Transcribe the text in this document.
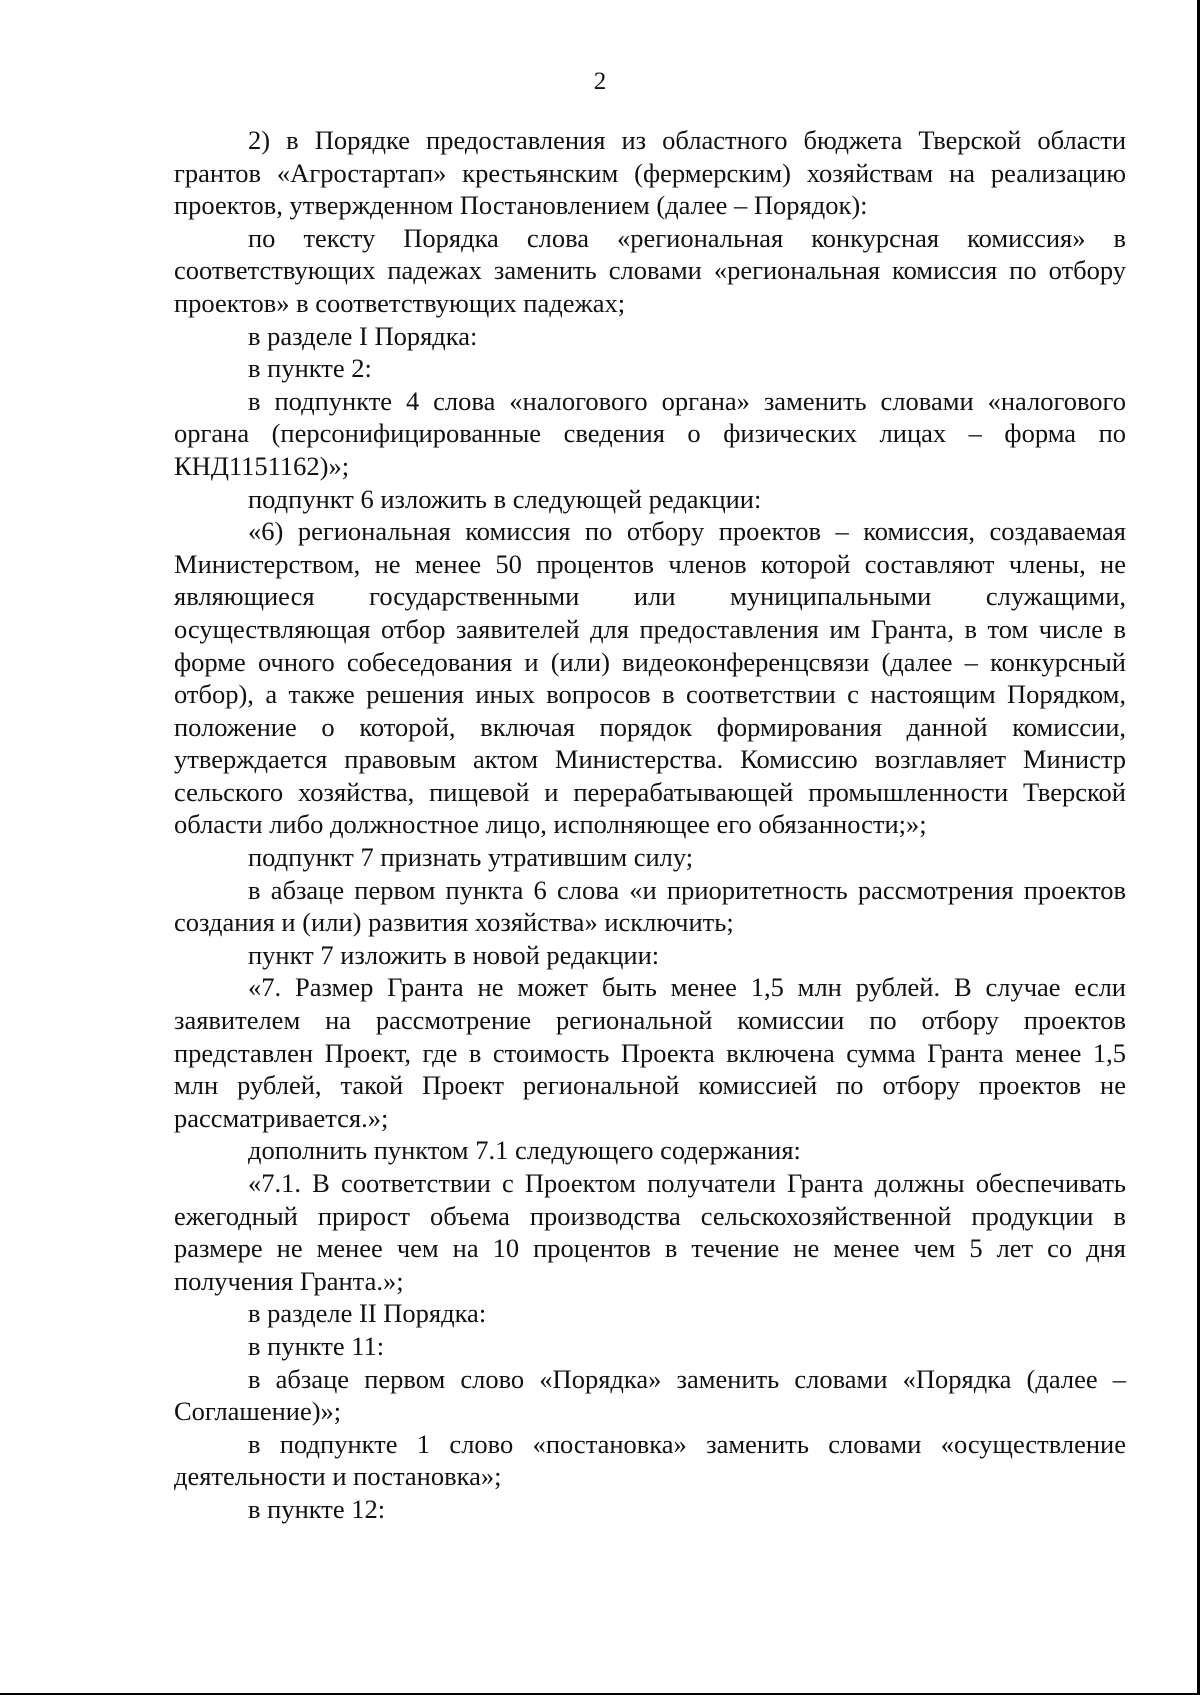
2

2) в Порядке предоставления из областного бюджета Тверской области грантов «Агростартап» крестьянским (фермерским) хозяйствам на реализацию проектов, утвержденном Постановлением (далее – Порядок):

по тексту Порядка слова «региональная конкурсная комиссия» в соответствующих падежах заменить словами «региональная комиссия по отбору проектов» в соответствующих падежах;

в разделе I Порядка:

в пункте 2:

в подпункте 4 слова «налогового органа» заменить словами «налогового органа (персонифицированные сведения о физических лицах – форма по КНД1151162)»;

подпункт 6 изложить в следующей редакции:

«6) региональная комиссия по отбору проектов – комиссия, создаваемая Министерством, не менее 50 процентов членов которой составляют члены, не являющиеся государственными или муниципальными служащими, осуществляющая отбор заявителей для предоставления им Гранта, в том числе в форме очного собеседования и (или) видеоконференцсвязи (далее – конкурсный отбор), а также решения иных вопросов в соответствии с настоящим Порядком, положение о которой, включая порядок формирования данной комиссии, утверждается правовым актом Министерства. Комиссию возглавляет Министр сельского хозяйства, пищевой и перерабатывающей промышленности Тверской области либо должностное лицо, исполняющее его обязанности;»;

подпункт 7 признать утратившим силу;

в абзаце первом пункта 6 слова «и приоритетность рассмотрения проектов создания и (или) развития хозяйства» исключить;

пункт 7 изложить в новой редакции:

«7. Размер Гранта не может быть менее 1,5 млн рублей. В случае если заявителем на рассмотрение региональной комиссии по отбору проектов представлен Проект, где в стоимость Проекта включена сумма Гранта менее 1,5 млн рублей, такой Проект региональной комиссией по отбору проектов не рассматривается.»;

дополнить пунктом 7.1 следующего содержания:

«7.1. В соответствии с Проектом получатели Гранта должны обеспечивать ежегодный прирост объема производства сельскохозяйственной продукции в размере не менее чем на 10 процентов в течение не менее чем 5 лет со дня получения Гранта.»;

в разделе II Порядка:

в пункте 11:

в абзаце первом слово «Порядка» заменить словами «Порядка (далее – Соглашение)»;

в подпункте 1 слово «постановка» заменить словами «осуществление деятельности и постановка»;

в пункте 12:
